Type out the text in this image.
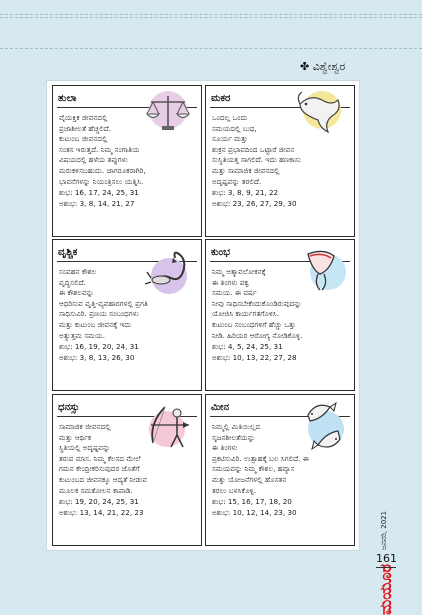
✤ ವಿಶ್ವೇಶ್ವರ
ತುಲಾ
ವೈಯಕ್ತಿಕ ಜೀವನದಲ್ಲಿ
ಪ್ರಜಾಶೀಲತೆ ಹೆಚ್ಚಲಿದೆ.
ಕುಟುಂಬ ಜೀವನದಲ್ಲಿ
ಸಂತಸ ಇರುತ್ತದೆ. ನಿಮ್ಮ ಸಂಗಾತಿಯ
ವಿಷಯದಲ್ಲಿ ಹಳೆಯ ತಪ್ಪುಗಳು
ಮರುಕಳಿಸಬಹುದು. ಜಾಗರೂಕರಾಗಿರಿ,
ಭಾವನೆಗಳನ್ನು ನಿಯಂತ್ರಿಸಲು ಯತ್ನಿಸಿ.
ಶುಭ: 16, 17, 24, 25, 31
ಅಶುಭ: 3, 8, 14, 21, 27
ಮಕರ
ಒಂದಲ್ಲ ಒಂದು
ಸಮಯದಲ್ಲಿ ಬುಧ,
ಸೂರ್ಯ ಮತ್ತು
ಶುಕ್ರನ ಪ್ರಭಾವದಿಂದ ಒಟ್ಟಾರೆ ಜೀವನ
ಸುಸ್ಥಿತಿಯತ್ತ ಸಾಗಲಿದೆ. ಇದು ಹಣಕಾಸು
ಮತ್ತು ಸಾಮಾಜಿಕ ಜೀವನದಲ್ಲಿ
ಅದೃಷ್ಟವನ್ನು ತರಲಿದೆ.
ಶುಭ: 3, 8, 9, 21, 22
ಅಶುಭ: 23, 26, 27, 29, 30
ವೃಶ್ಚಿಕ
ಸಂವಹನ ಕೌಶಲ
ವೃದ್ಧಿಸಲಿದೆ.
ಈ ಕೌಶಲವನ್ನು
ಆಧರಿಸುವ ವೃತ್ತಿ-ವ್ಯವಹಾರಗಳಲ್ಲಿ ಪ್ರಗತಿ
ಸಾಧಿಸುವಿರಿ. ಪ್ರಣಯ ಸಂಬಂಧಗಳು
ಮತ್ತು ಕುಟುಂಬ ಜೀವನಕ್ಕೆ ಇದು
ಅತ್ಯುತ್ತಮ ಸಮಯ.
ಶುಭ: 16, 19, 20, 24, 31
ಅಶುಭ: 3, 8, 13, 26, 30
ಕುಂಭ
ನಿಮ್ಮ ಆತ್ಮಾವಲೋಕನಕ್ಕೆ
ಈ ತಿಂಗಳು ಪಕ್ವ
ಸಮಯ. ಈ ವರ್ಷ
ನೀವು ಸಾಧಿಸಬೇಕೆಂದುಕೊಂಡಿರುವುದನ್ನು
ಯೋಜಿಸಿ ಕಾರ್ಯಗತಗೊಳಿಸಿ.
ಕುಟುಂಬ ಸಂಬಂಧಗಳಿಗೆ ಹೆಚ್ಚು ಒತ್ತು
ನೀಡಿ. ಹಿರಿಯರ ಆರೋಗ್ಯ ನೋಡಿಕೊಳ್ಳಿ.
ಶುಭ: 4, 5, 24, 25, 31
ಅಶುಭ: 10, 13, 22, 27, 28
ಧನಸ್ಸು
ಸಾಮಾಜಿಕ ಜೀವನದಲ್ಲಿ
ಮತ್ತು ಆರ್ಥಿಕ
ಸ್ಥಿತಿಯಲ್ಲಿ ಅದೃಷ್ಟವನ್ನು
ತರುವ ಮಾಸ. ನಿಮ್ಮ ಕೆಲಸದ ಮೇಲೆ
ಗಮನ ಕೇಂದ್ರೀಕರಿಸುವುದರ ಜೊತೆಗೆ
ಕುಟುಂಬದ ಜೀವನಕ್ಕೂ ಆದ್ಯತೆ ನೀಡುವ
ಮೂಲಕ ಸಮತೋಲನ ಕಾಪಾಡಿ.
ಶುಭ: 19, 20, 24, 25, 31
ಅಶುಭ: 13, 14, 21, 22, 23
ಮೀನ
ನಿಮ್ಮಲ್ಲಿ ಮಿತಿಯಿಲ್ಲದ
ಸೃಜನಶೀಲತೆಯನ್ನು
ಈ ತಿಂಗಳು
ಪ್ರಕಟಿಸುವಿರಿ. ಉತ್ಸಾಹಕ್ಕೆ ಬಲ ಸಿಗಲಿದೆ. ಈ
ಸಮಯವನ್ನು ನಿಮ್ಮ ಕೌಶಲ, ಹವ್ಯಾಸ
ಮತ್ತು ಯೋಜನೆಗಳಲ್ಲಿ ಹೊಸತನ
ತರಲು ಬಳಸಿಕೊಳ್ಳಿ.
ಶುಭ: 15, 16, 17, 18, 20
ಅಶುಭ: 10, 12, 14, 23, 30	ಜನವರಿ, 2021
ಮಯೂರ
161
